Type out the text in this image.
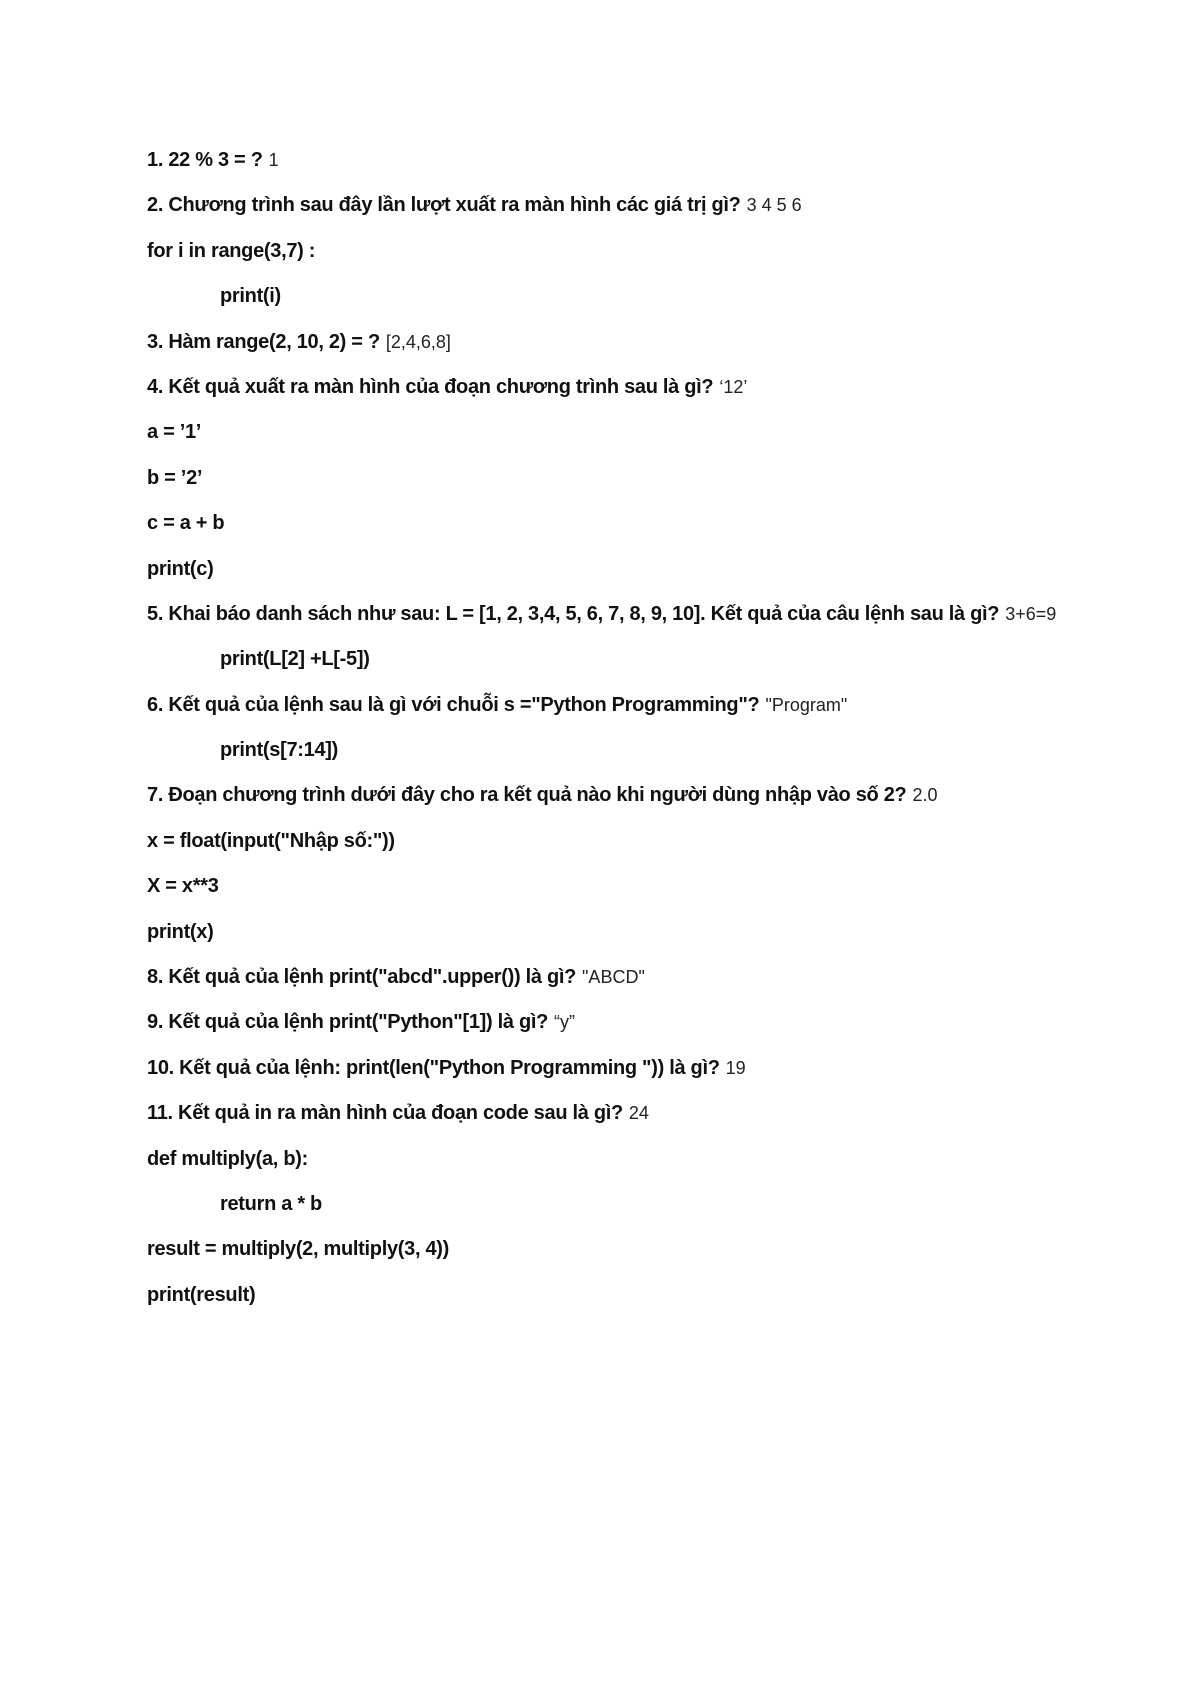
1. 22 % 3 = ? 1
2. Chương trình sau đây lần lượt xuất ra màn hình các giá trị gì? 3 4 5 6
for i in range(3,7) :
print(i)
3. Hàm range(2, 10, 2) = ? [2,4,6,8]
4. Kết quả xuất ra màn hình của đoạn chương trình sau là gì? ‘12’
a = ’1’
b = ’2’
c = a + b
print(c)
5. Khai báo danh sách như sau: L = [1, 2, 3,4, 5, 6, 7, 8, 9, 10]. Kết quả của câu lệnh sau là gì? 3+6=9
print(L[2] +L[-5])
6. Kết quả của lệnh sau là gì với chuỗi s ="Python Programming"? "Program"
print(s[7:14])
7. Đoạn chương trình dưới đây cho ra kết quả nào khi người dùng nhập vào số 2? 2.0
x = float(input("Nhập số:"))
X = x**3
print(x)
8. Kết quả của lệnh print("abcd".upper()) là gì? "ABCD"
9. Kết quả của lệnh print("Python"[1]) là gì? “y”
10. Kết quả của lệnh: print(len("Python Programming ")) là gì? 19
11. Kết quả in ra màn hình của đoạn code sau là gì? 24
def multiply(a, b):
return a * b
result = multiply(2, multiply(3, 4))
print(result)
